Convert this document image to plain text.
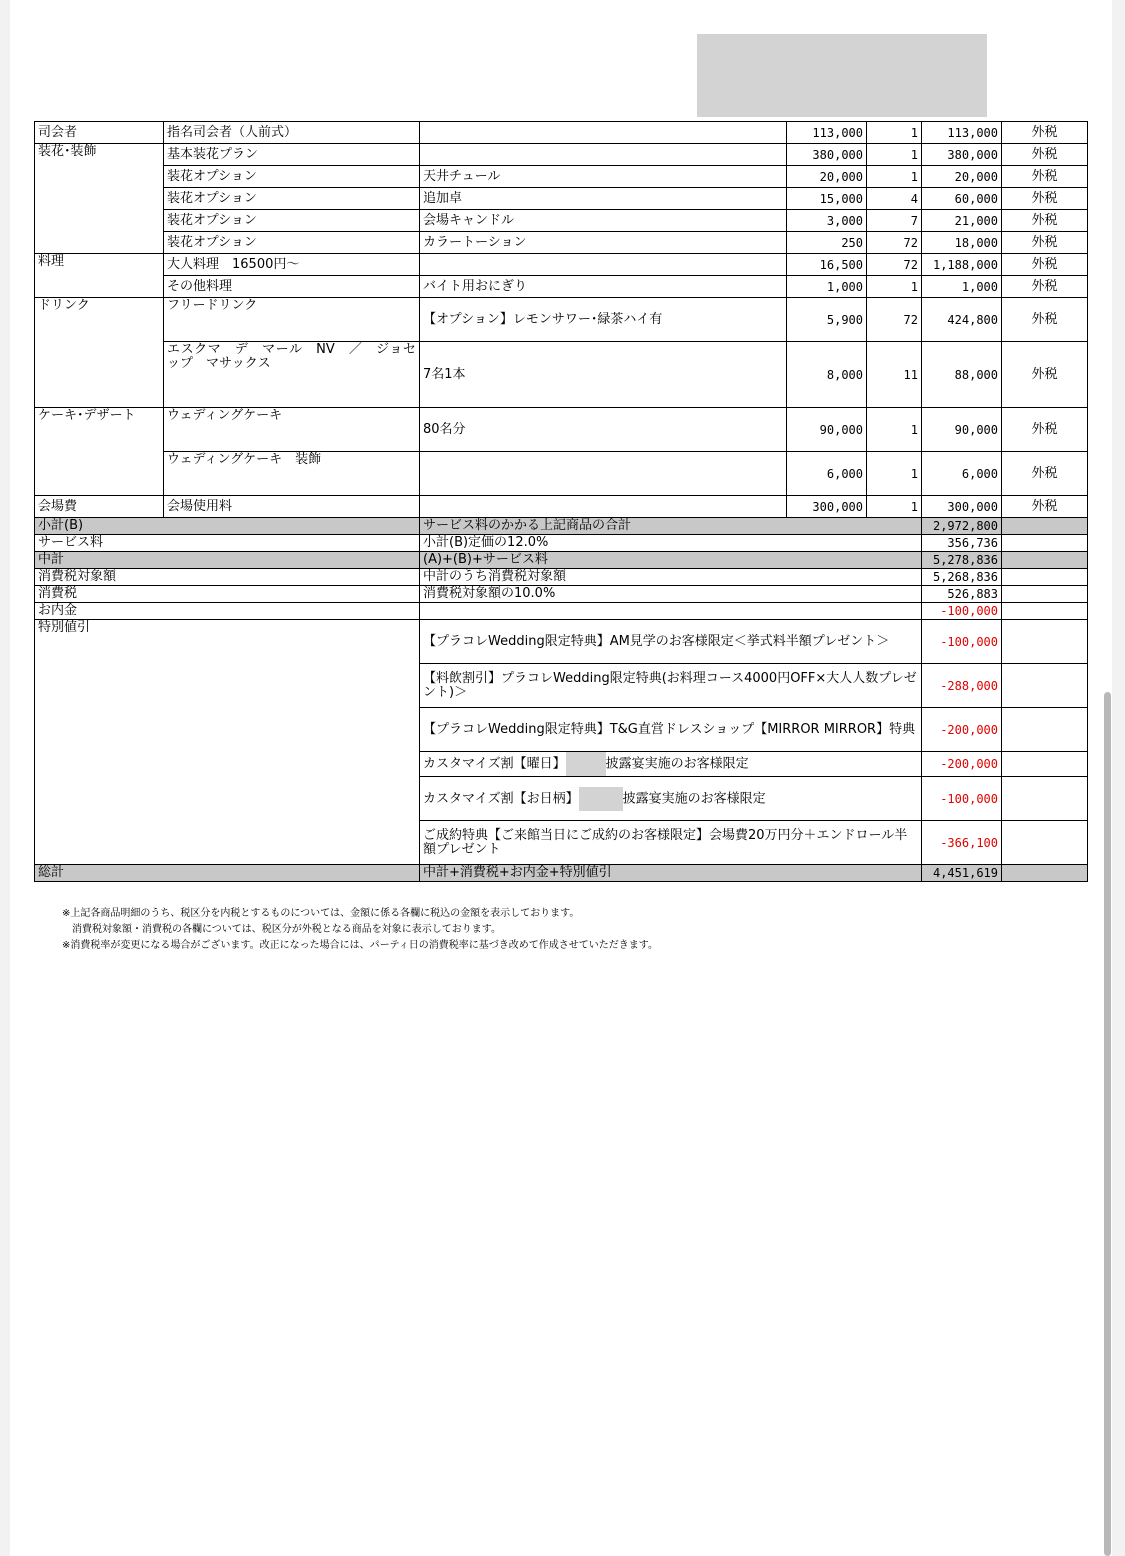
司会者	指名司会者（人前式）		113,000	1	113,000	外税
装花･装飾	基本装花プラン		380,000	1	380,000	外税
	装花オプション	天井チュール	20,000	1	20,000	外税
	装花オプション	追加卓	15,000	4	60,000	外税
	装花オプション	会場キャンドル	3,000	7	21,000	外税
	装花オプション	カラートーション	250	72	18,000	外税
料理	大人料理　16500円～		16,500	72	1,188,000	外税
	その他料理	バイト用おにぎり	1,000	1	1,000	外税
ドリンク	フリードリンク	【オプション】レモンサワー･緑茶ハイ有	5,900	72	424,800	外税
	エスクマ　デ　マール　NV　／　ジョセップ　マサックス	7名1本	8,000	11	88,000	外税
ケーキ･デザート	ウェディングケーキ	80名分	90,000	1	90,000	外税
	ウェディングケーキ　装飾		6,000	1	6,000	外税
会場費	会場使用料		300,000	1	300,000	外税
小計(B)		サービス料のかかる上記商品の合計			2,972,800	
サービス料		小計(B)定価の12.0%			356,736	
中計		(A)+(B)+サービス料			5,278,836	
消費税対象額		中計のうち消費税対象額			5,268,836	
消費税		消費税対象額の10.0%			526,883	
お内金					-100,000	
特別値引		【プラコレWedding限定特典】AM見学のお客様限定＜挙式料半額プレゼント＞			-100,000	
		【料飲割引】プラコレWedding限定特典(お料理コース4000円OFF×大人人数プレゼント)＞			-288,000	
		【プラコレWedding限定特典】T&G直営ドレスショップ【MIRROR MIRROR】特典			-200,000	
		カスタマイズ割【曜日】 披露宴実施のお客様限定			-200,000	
		カスタマイズ割【お日柄】 披露宴実施のお客様限定			-100,000	
		ご成約特典【ご来館当日にご成約のお客様限定】会場費20万円分＋エンドロール半額プレゼント			-366,100	
総計		中計+消費税+お内金+特別値引			4,451,619	
※上記各商品明細のうち、税区分を内税とするものについては、金額に係る各欄に税込の金額を表示しております。
　消費税対象額・消費税の各欄については、税区分が外税となる商品を対象に表示しております。
※消費税率が変更になる場合がございます。改正になった場合には、パーティ日の消費税率に基づき改めて作成させていただきます。
